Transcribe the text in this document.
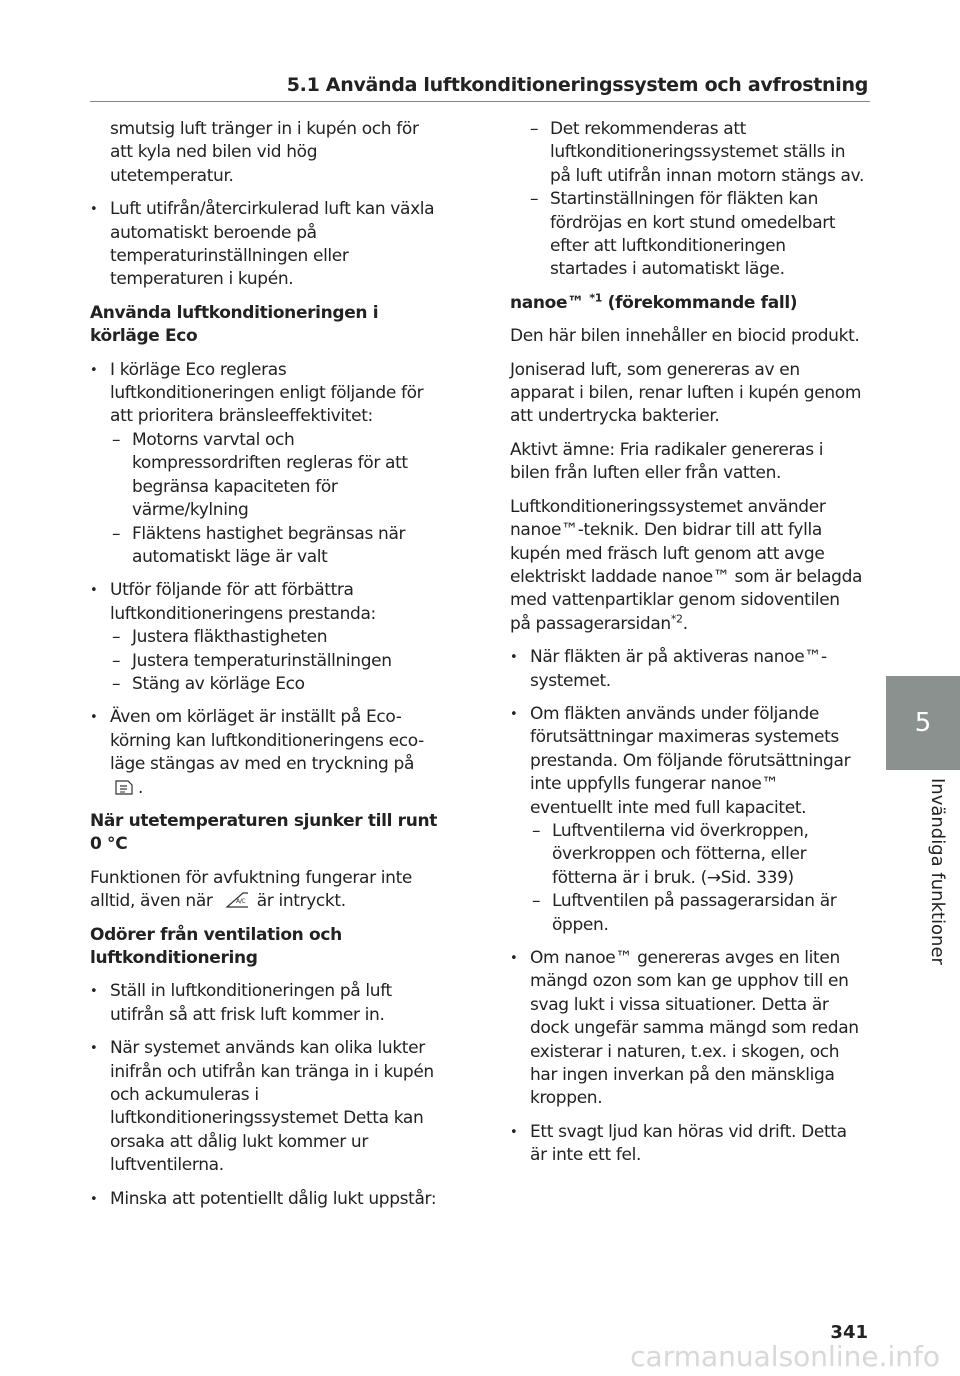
5.1 Använda luftkonditioneringssystem och avfrostning

smutsig luft tränger in i kupén och för att kyla ned bilen vid hög utetemperatur.

• Luft utifrån/återcirkulerad luft kan växla automatiskt beroende på temperaturinställningen eller temperaturen i kupén.

Använda luftkonditioneringen i körläge Eco

• I körläge Eco regleras luftkonditioneringen enligt följande för att prioritera bränsleeffektivitet:
– Motorns varvtal och kompressordriften regleras för att begränsa kapaciteten för värme/kylning
– Fläktens hastighet begränsas när automatiskt läge är valt
• Utför följande för att förbättra luftkonditioneringens prestanda:
– Justera fläkthastigheten
– Justera temperaturinställningen
– Stäng av körläge Eco
• Även om körläget är inställt på Eco-körning kan luftkonditioneringens eco-läge stängas av med en tryckning på .

När utetemperaturen sjunker till runt 0 °C

Funktionen för avfuktning fungerar inte alltid, även när	A/C är intryckt.

Odörer från ventilation och luftkonditionering

• Ställ in luftkonditioneringen på luft utifrån så att frisk luft kommer in.
• När systemet används kan olika lukter inifrån och utifrån kan tränga in i kupén och ackumuleras i luftkonditioneringssystemet Detta kan orsaka att dålig lukt kommer ur luftventilerna.
• Minska att potentiellt dålig lukt uppstår:
– Det rekommenderas att luftkonditioneringssystemet ställs in på luft utifrån innan motorn stängs av.
– Startinställningen för fläkten kan fördröjas en kort stund omedelbart efter att luftkonditioneringen startades i automatiskt läge.

nanoe™ $^{*1}$ (förekommande fall)

Den här bilen innehåller en biocid produkt.

Joniserad luft, som genereras av en apparat i bilen, renar luften i kupén genom att undertrycka bakterier.

Aktivt ämne: Fria radikaler genereras i bilen från luften eller från vatten.

Luftkonditioneringssystemet använder nanoe™-teknik. Den bidrar till att fylla kupén med fräsch luft genom att avge elektriskt laddade nanoe™ som är belagda med vattenpartiklar genom sidoventilen på passagerarsidan$^{*2}$.

• När fläkten är på aktiveras nanoe™-systemet.
• Om fläkten används under följande förutsättningar maximeras systemets prestanda. Om följande förutsättningar inte uppfylls fungerar nanoe™ eventuellt inte med full kapacitet.
– Luftventilerna vid överkroppen, överkroppen och fötterna, eller fötterna är i bruk. (→Sid. 339)
– Luftventilen på passagerarsidan är öppen.
• Om nanoe™ genereras avges en liten mängd ozon som kan ge upphov till en svag lukt i vissa situationer. Detta är dock ungefär samma mängd som redan existerar i naturen, t.ex. i skogen, och har ingen inverkan på den mänskliga kroppen.
• Ett svagt ljud kan höras vid drift. Detta är inte ett fel.
5
Invändiga funktioner
341
carmanualsonline.info
